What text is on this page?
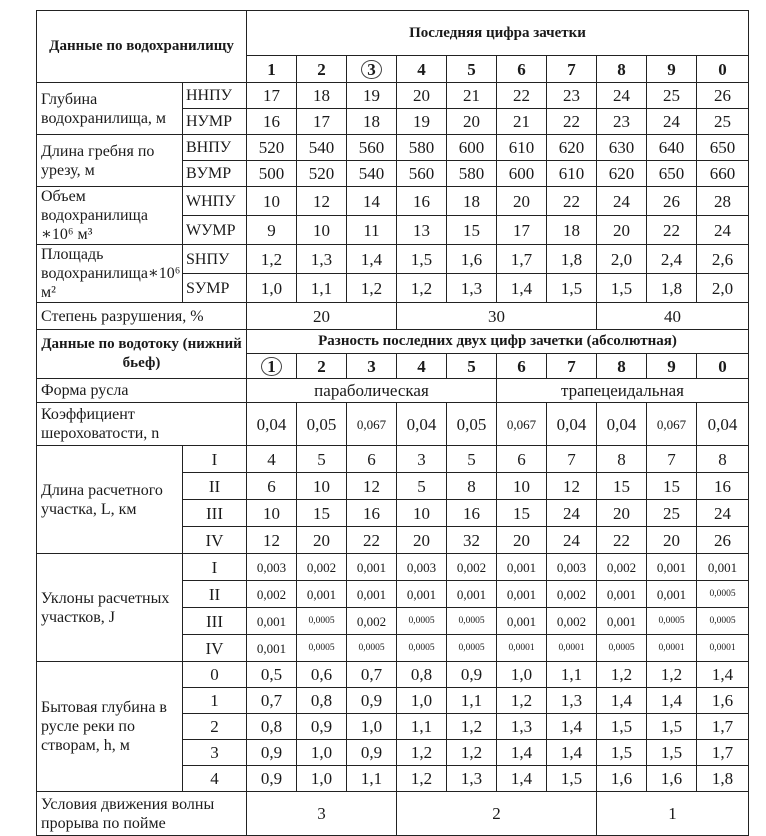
Данные по водохранилищу		Последняя цифра зачетки									
		1	2	3	4	5	6	7	8	9	0
Глубина водохранилища, м	HНПУ	17	18	19	20	21	22	23	24	25	26
	HУМР	16	17	18	19	20	21	22	23	24	25
Длина гребня по урезу, м	BНПУ	520	540	560	580	600	610	620	630	640	650
	BУМР	500	520	540	560	580	600	610	620	650	660
Объем водохранилища ∗10⁶ м³	WНПУ	10	12	14	16	18	20	22	24	26	28
	WУМР	9	10	11	13	15	17	18	20	22	24
Площадь водохранилища∗10⁶ м²	SНПУ	1,2	1,3	1,4	1,5	1,6	1,7	1,8	2,0	2,4	2,6
	SУМР	1,0	1,1	1,2	1,2	1,3	1,4	1,5	1,5	1,8	2,0
Степень разрушения, %		20			30				40		
Данные по водотоку (нижний бьеф)		Разность последних двух цифр зачетки (абсолютная)									
		1	2	3	4	5	6	7	8	9	0
Форма русла		параболическая					трапецеидальная				
Коэффициент шероховатости, n		0,04	0,05	0,067	0,04	0,05	0,067	0,04	0,04	0,067	0,04
Длина расчетного участка, L, км	I	4	5	6	3	5	6	7	8	7	8
	II	6	10	12	5	8	10	12	15	15	16
	III	10	15	16	10	16	15	24	20	25	24
	IV	12	20	22	20	32	20	24	22	20	26
Уклоны расчетных участков, J	I	0,003	0,002	0,001	0,003	0,002	0,001	0,003	0,002	0,001	0,001
	II	0,002	0,001	0,001	0,001	0,001	0,001	0,002	0,001	0,001	0,0005
	III	0,001	0,0005	0,002	0,0005	0,0005	0,001	0,002	0,001	0,0005	0,0005
	IV	0,001	0,0005	0,0005	0,0005	0,0005	0,0001	0,0001	0,0005	0,0001	0,0001
Бытовая глубина в русле реки по створам, h, м	0	0,5	0,6	0,7	0,8	0,9	1,0	1,1	1,2	1,2	1,4
	1	0,7	0,8	0,9	1,0	1,1	1,2	1,3	1,4	1,4	1,6
	2	0,8	0,9	1,0	1,1	1,2	1,3	1,4	1,5	1,5	1,7
	3	0,9	1,0	0,9	1,2	1,2	1,4	1,4	1,5	1,5	1,7
	4	0,9	1,0	1,1	1,2	1,3	1,4	1,5	1,6	1,6	1,8
Условия движения волны прорыва по пойме		3			2				1		
